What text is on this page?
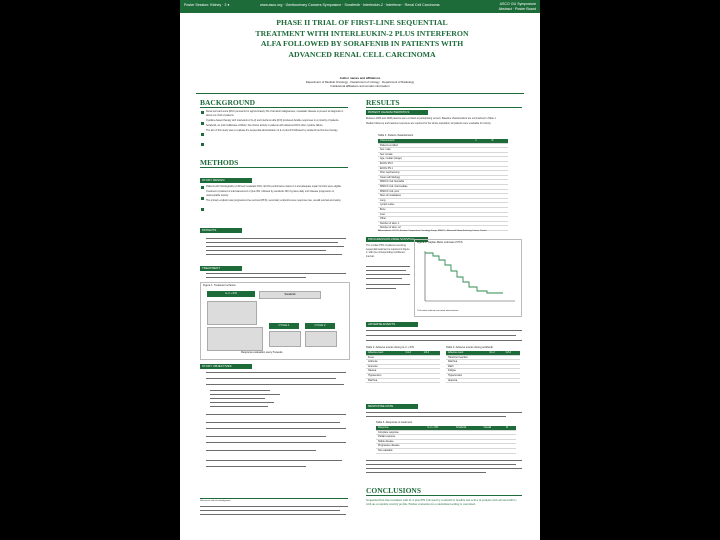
Poster Session: Kidney · 3 ●	www.asco.org · Genitourinary Cancers Symposium · Sorafenib · Interleukin-2 · Interferon · Renal Cell Carcinoma	ASCO GU Symposium
Abstract · Poster Board
PHASE II TRIAL OF FIRST-LINE SEQUENTIAL
TREATMENT WITH INTERLEUKIN-2 PLUS INTERFERON
ALFA FOLLOWED BY SORAFENIB IN PATIENTS WITH
ADVANCED RENAL CELL CARCINOMA
Author names and affiliations
Department of Medical Oncology · Department of Urology · Department of Radiology
Institutional affiliations and contact information
BACKGROUND

Renal cell carcinoma (RCC) accounts for approximately 3% of all adult malignancies; metastatic disease is present at diagnosis in about one third of patients.

Cytokine-based therapy with interleukin-2 (IL-2) and interferon alfa (IFN) produced durable responses in a minority of patients.

Sorafenib, an oral multikinase inhibitor, has shown activity in patients with advanced RCC after cytokine failure.

The aim of this study was to evaluate the sequential administration of IL-2 plus IFN followed by sorafenib as first-line therapy.

METHODS
STUDY DESIGN

Patients with histologically confirmed metastatic RCC, ECOG performance status 0-1 and adequate organ function were eligible.

Treatment consisted of subcutaneous IL-2 plus IFN, followed by sorafenib 400 mg twice daily until disease progression or unacceptable toxicity.

The primary endpoint was progression-free survival (PFS); secondary endpoints were response rate, overall survival and safety.

PATIENTS
TREATMENT
Figure 1. Treatment schema
IL-2 + IFN	Sorafenib
CYCLE 1	CYCLE 2
Response evaluation every 8 weeks
STUDY OBJECTIVES
References and acknowledgments
RESULTS
PATIENT CHARACTERISTICS

Between 2006 and 2008 patients were enrolled at participating centers. Baseline characteristics are summarized in Table 1.

Median follow-up and treatment exposure are reported for the whole population; all patients were evaluable for toxicity.

Table 1. Patient characteristics
Characteristic	n	%
Patients enrolled		
Sex: male		
Sex: female		
Age, median (range)		
ECOG PS 0		
ECOG PS 1		
Prior nephrectomy		
Clear cell histology		
MSKCC risk: favorable		
MSKCC risk: intermediate		
MSKCC risk: poor		
Sites of metastases		
Lung		
Lymph nodes		
Bone		
Liver		
Other		
Number of sites: 1		
Number of sites: ≥2		
Abbreviations: ECOG, Eastern Cooperative Oncology Group; MSKCC, Memorial Sloan-Kettering Cancer Center.
PROGRESSION-FREE SURVIVAL
The median PFS of patients receiving sequential treatment is reported in Figure 2, with the corresponding confidence interval.
Figure 2. Kaplan-Meier estimate of PFS
Tick marks indicate censored observations.
ADVERSE EVENTS
Table 2. Adverse events during IL-2 + IFN
Adverse event	G1-2	G3-4
Fever		
Asthenia		
Anorexia		
Nausea		
Hypotension		
Diarrhea		
Table 3. Adverse events during sorafenib
Adverse event	G1-2	G3-4
Hand-foot reaction		
Diarrhea		
Rash		
Fatigue		
Hypertension		
Alopecia		
RESPONSE RATE
Table 4. Response to treatment
Response	IL-2 + IFN	Sorafenib	Overall	%
Complete response				
Partial response				
Stable disease				
Progressive disease				
Not evaluable				
CONCLUSIONS
Sequential first-line treatment with IL-2 plus IFN followed by sorafenib is feasible and active in patients with advanced RCC, with an acceptable toxicity profile. Further evaluation in a randomized setting is warranted.
